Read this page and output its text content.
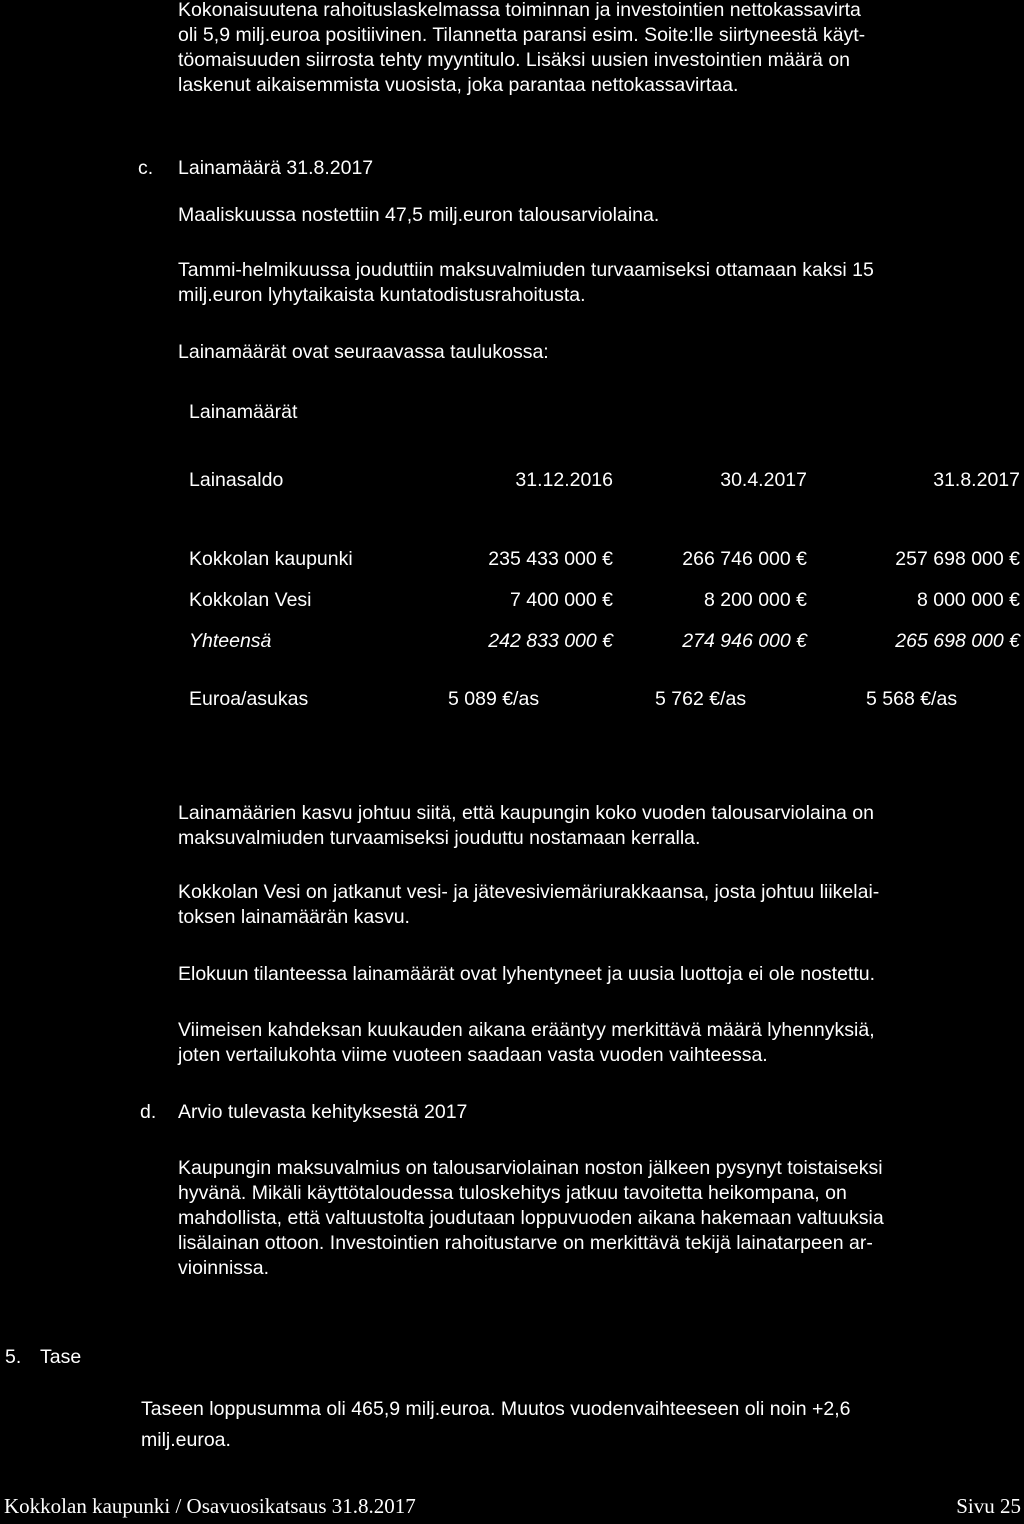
Kokonaisuutena rahoituslaskelmassa toiminnan ja investointien nettokassavirta
oli 5,9 milj.euroa positiivinen. Tilannetta paransi esim. Soite:lle siirtyneestä käyt-
töomaisuuden siirrosta tehty myyntitulo. Lisäksi uusien investointien määrä on
laskenut aikaisemmista vuosista, joka parantaa nettokassavirtaa.
c. Lainamäärä 31.8.2017
Maaliskuussa nostettiin 47,5 milj.euron talousarviolaina.
Tammi-helmikuussa jouduttiin maksuvalmiuden turvaamiseksi ottamaan kaksi 15
milj.euron lyhytaikaista kuntatodistusrahoitusta.
Lainamäärät ovat seuraavassa taulukossa:
Lainamäärät
Lainasaldo	31.12.2016	30.4.2017	31.8.2017
Kokkolan kaupunki	235 433 000 €	266 746 000 €	257 698 000 €
Kokkolan Vesi	7 400 000 €	8 200 000 €	8 000 000 €
Yhteensä	242 833 000 €	274 946 000 €	265 698 000 €
Euroa/asukas	5 089 €/as	5 762 €/as	5 568 €/as
Lainamäärien kasvu johtuu siitä, että kaupungin koko vuoden talousarviolaina on
maksuvalmiuden turvaamiseksi jouduttu nostamaan kerralla.
Kokkolan Vesi on jatkanut vesi- ja jätevesiviemäriurakkaansa, josta johtuu liikelai-
toksen lainamäärän kasvu.
Elokuun tilanteessa lainamäärät ovat lyhentyneet ja uusia luottoja ei ole nostettu.
Viimeisen kahdeksan kuukauden aikana erääntyy merkittävä määrä lyhennyksiä,
joten vertailukohta viime vuoteen saadaan vasta vuoden vaihteessa.
d. Arvio tulevasta kehityksestä 2017
Kaupungin maksuvalmius on talousarviolainan noston jälkeen pysynyt toistaiseksi
hyvänä. Mikäli käyttötaloudessa tuloskehitys jatkuu tavoitetta heikompana, on
mahdollista, että valtuustolta joudutaan loppuvuoden aikana hakemaan valtuuksia
lisälainan ottoon. Investointien rahoitustarve on merkittävä tekijä lainatarpeen ar-
vioinnissa.
5. Tase
Taseen loppusumma oli 465,9 milj.euroa. Muutos vuodenvaihteeseen oli noin +2,6
milj.euroa.
Kokkolan kaupunki / Osavuosikatsaus 31.8.2017	Sivu 25
